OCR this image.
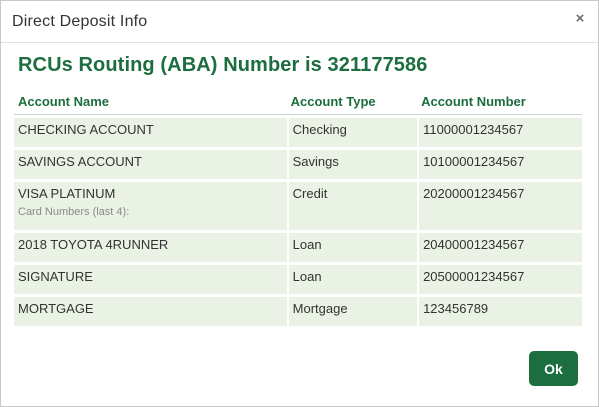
Direct Deposit Info	×
RCUs Routing (ABA) Number is 321177586
Account Name	Account Type	Account Number

CHECKING ACCOUNT	Checking	11000001234567

SAVINGS ACCOUNT	Savings	10100001234567

VISA PLATINUM
Card Numbers (last 4):	Credit	20200001234567

2018 TOYOTA 4RUNNER	Loan	20400001234567

SIGNATURE	Loan	20500001234567

MORTGAGE	Mortgage	123456789
Ok
